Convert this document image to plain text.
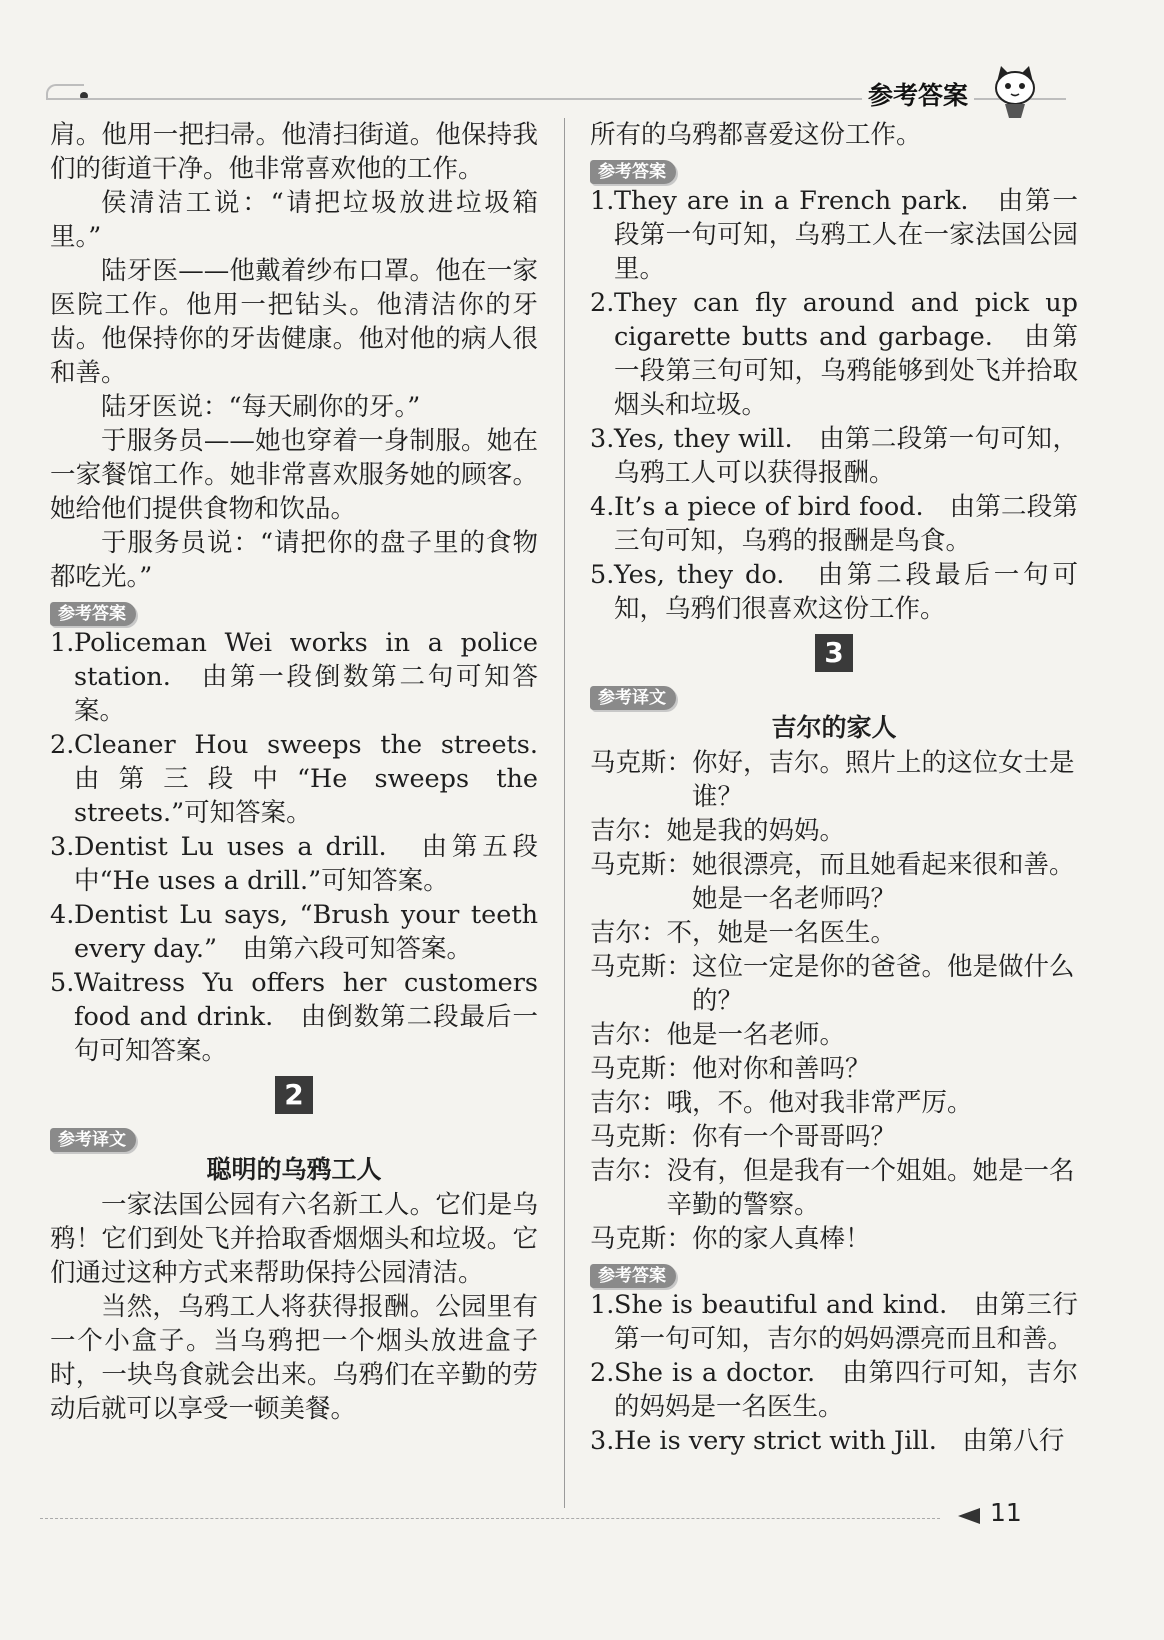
参考答案

肩。他用一把扫帚。他清扫街道。他保持我们的街道干净。他非常喜欢他的工作。

侯清洁工说：“请把垃圾放进垃圾箱里。”

陆牙医——他戴着纱布口罩。他在一家医院工作。他用一把钻头。他清洁你的牙齿。他保持你的牙齿健康。他对他的病人很和善。

陆牙医说：“每天刷你的牙。”

于服务员——她也穿着一身制服。她在一家餐馆工作。她非常喜欢服务她的顾客。她给他们提供食物和饮品。

于服务员说：“请把你的盘子里的食物都吃光。”

参考答案
1. Policeman Wei works in a police station.　由第一段倒数第二句可知答案。
2. Cleaner Hou sweeps the streets.　由第三段中“He sweeps the streets.”可知答案。
3. Dentist Lu uses a drill.　由第五段中“He uses a drill.”可知答案。
4. Dentist Lu says, “Brush your teeth every day.”　由第六段可知答案。
5. Waitress Yu offers her customers food and drink.　由倒数第二段最后一句可知答案。
2
参考译文
聪明的乌鸦工人

一家法国公园有六名新工人。它们是乌鸦！它们到处飞并拾取香烟烟头和垃圾。它们通过这种方式来帮助保持公园清洁。

当然，乌鸦工人将获得报酬。公园里有一个小盒子。当乌鸦把一个烟头放进盒子时，一块鸟食就会出来。乌鸦们在辛勤的劳动后就可以享受一顿美餐。

所有的乌鸦都喜爱这份工作。

参考答案
1. They are in a French park.　由第一段第一句可知，乌鸦工人在一家法国公园里。
2. They can fly around and pick up cigarette butts and garbage.　由第一段第三句可知，乌鸦能够到处飞并拾取烟头和垃圾。
3. Yes, they will.　由第二段第一句可知，乌鸦工人可以获得报酬。
4. It’s a piece of bird food.　由第二段第三句可知，乌鸦的报酬是鸟食。
5. Yes, they do.　由第二段最后一句可知，乌鸦们很喜欢这份工作。
3
参考译文
吉尔的家人
马克斯： 你好，吉尔。照片上的这位女士是谁？
吉尔： 她是我的妈妈。
马克斯： 她很漂亮，而且她看起来很和善。她是一名老师吗？
吉尔： 不，她是一名医生。
马克斯： 这位一定是你的爸爸。他是做什么的？
吉尔： 他是一名老师。
马克斯： 他对你和善吗？
吉尔： 哦，不。他对我非常严厉。
马克斯： 你有一个哥哥吗？
吉尔： 没有，但是我有一个姐姐。她是一名辛勤的警察。
马克斯： 你的家人真棒！
参考答案
1. She is beautiful and kind.　由第三行第一句可知，吉尔的妈妈漂亮而且和善。
2. She is a doctor.　由第四行可知，吉尔的妈妈是一名医生。
3. He is very strict with Jill.　由第八行
11
